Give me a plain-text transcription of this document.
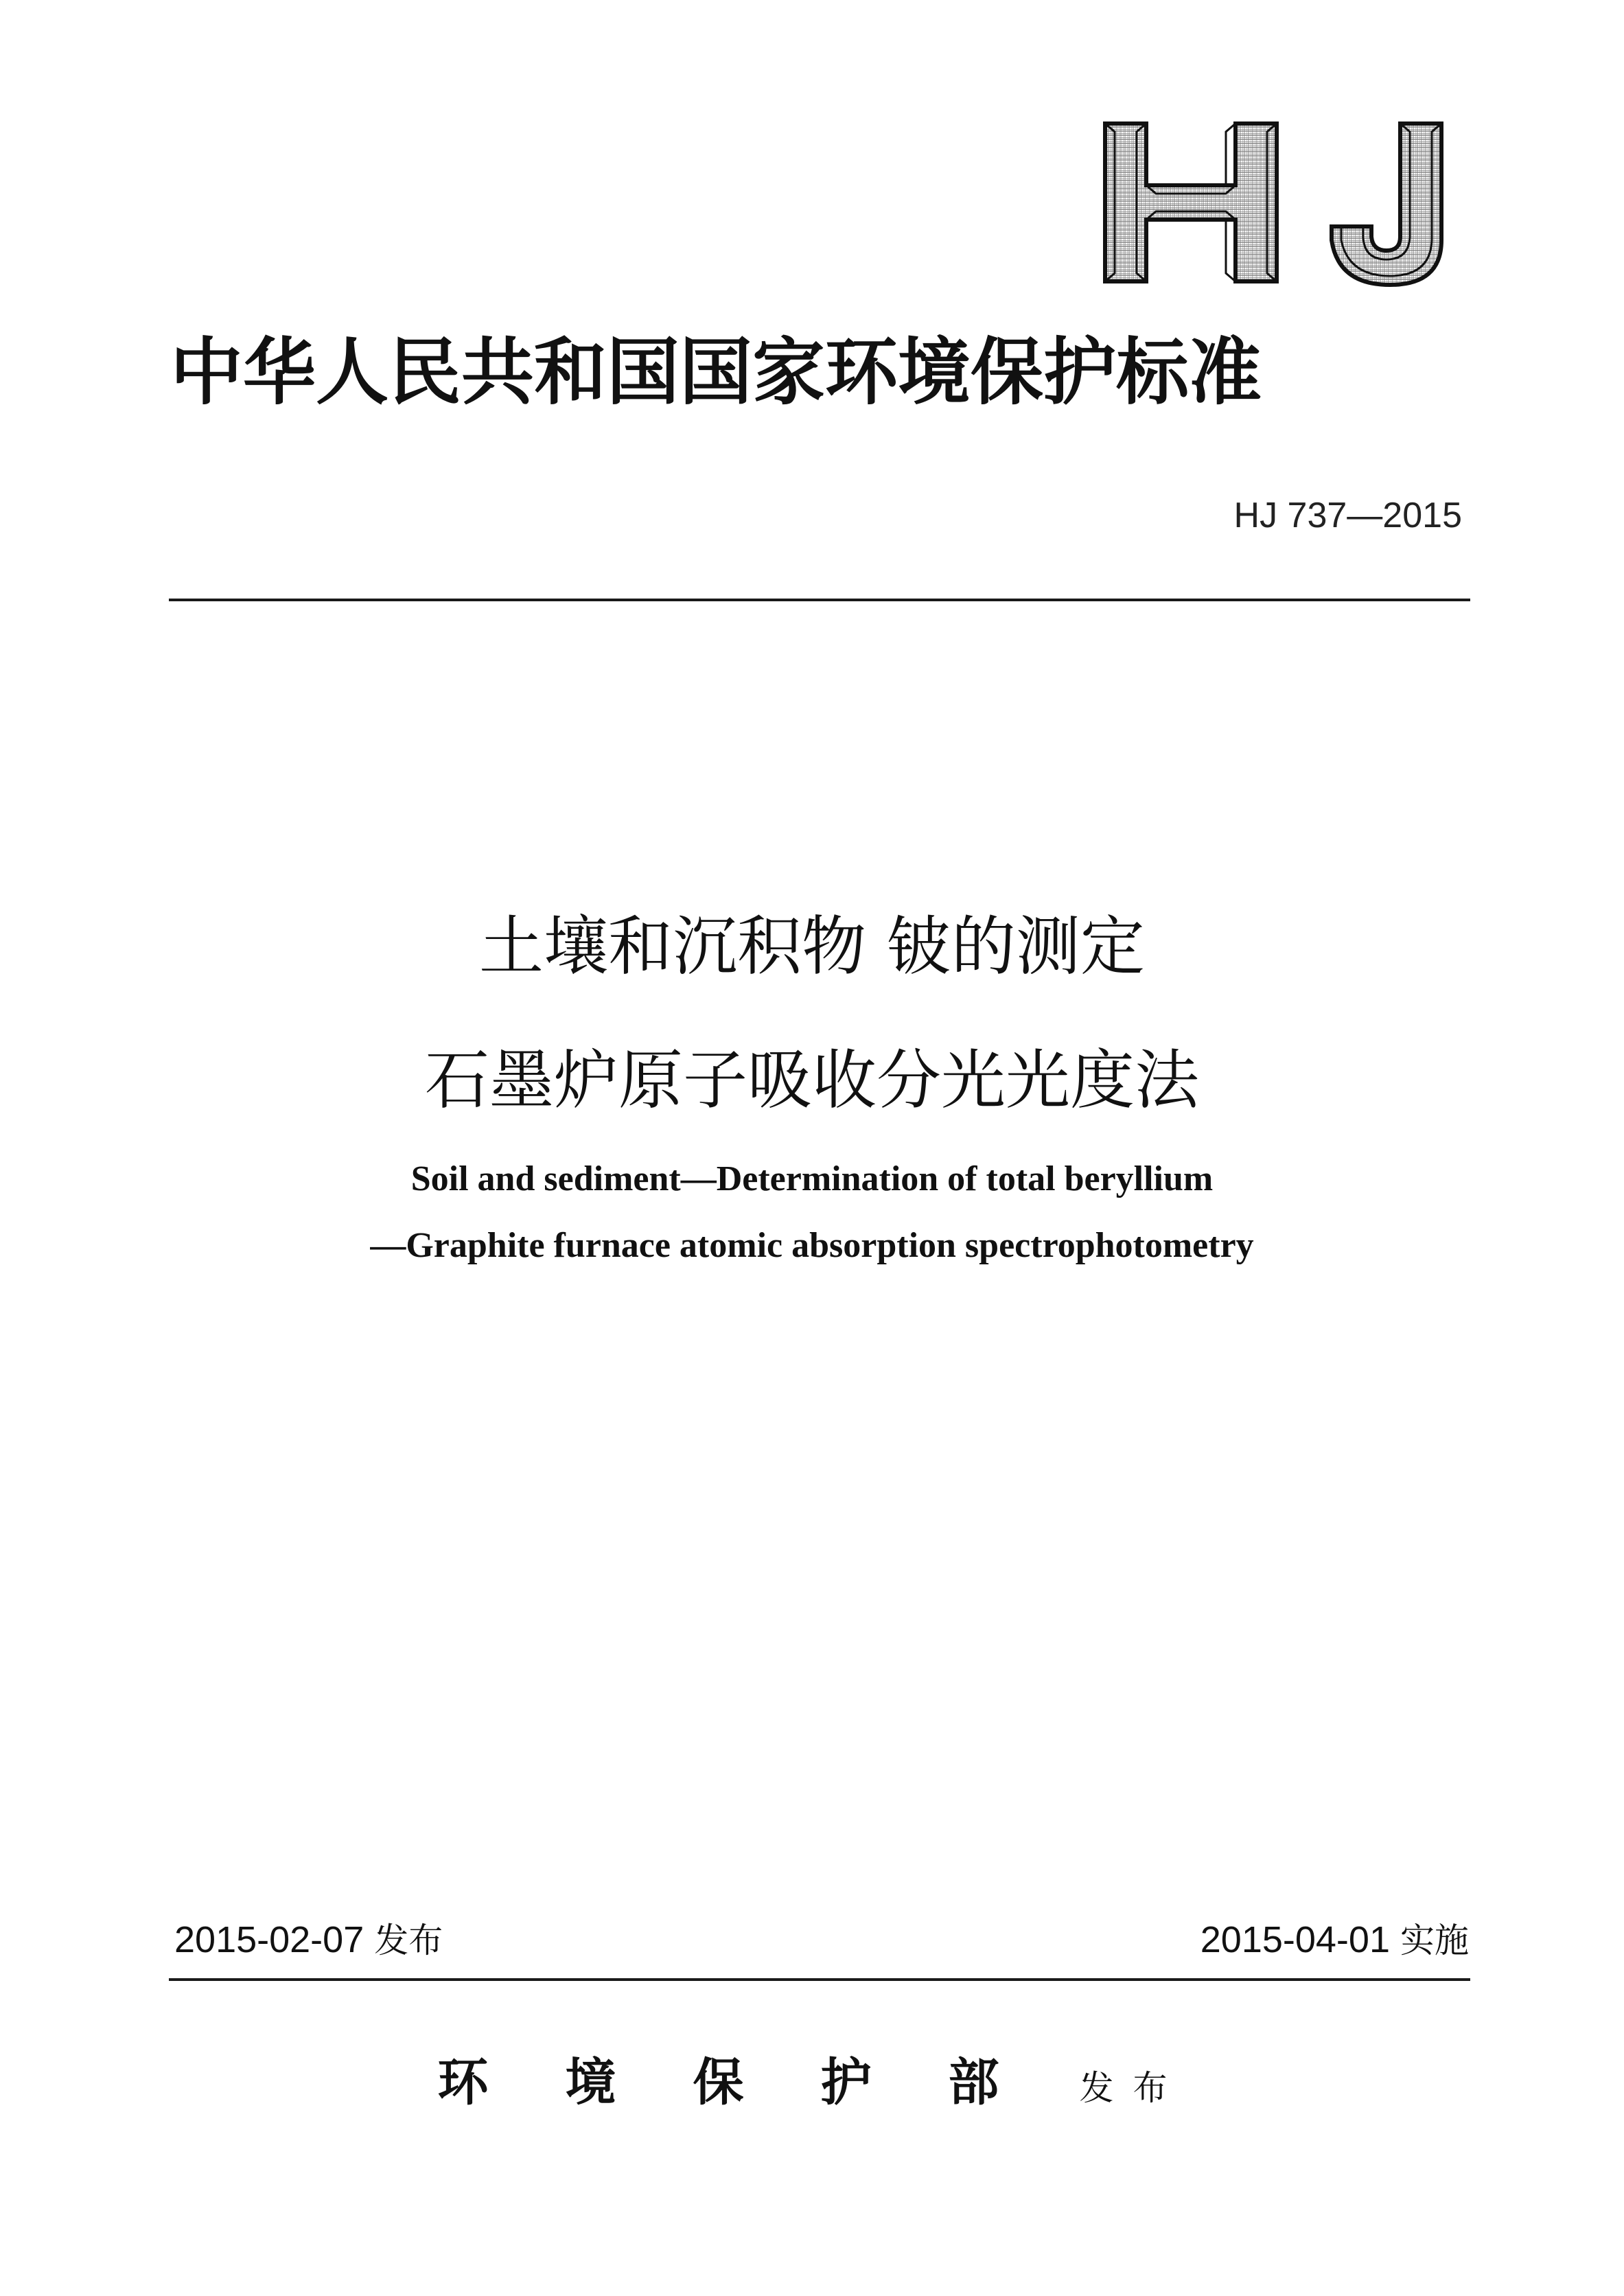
中华人民共和国国家环境保护标准
HJ 737—2015
土壤和沉积物 铍的测定
石墨炉原子吸收分光光度法
Soil and sediment—Determination of total beryllium
—Graphite furnace atomic absorption spectrophotometry
2015-02-07 发布	2015-04-01 实施
环境保护部 发布
